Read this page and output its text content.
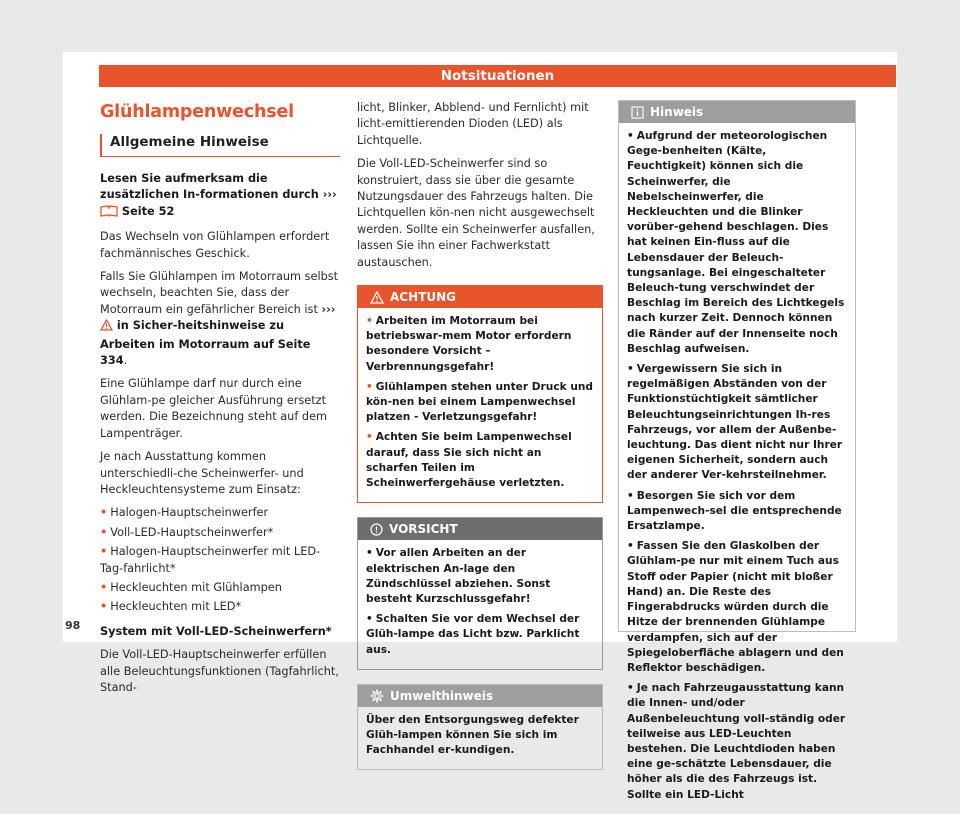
Notsituationen
Glühlampenwechsel
Allgemeine Hinweise

Lesen Sie aufmerksam die zusätzlichen In-formationen durch ›››  Seite 52

Das Wechseln von Glühlampen erfordert fachmännisches Geschick.

Falls Sie Glühlampen im Motorraum selbst wechseln, beachten Sie, dass der Motorraum ein gefährlicher Bereich ist ›››  in Sicher-heitshinweise zu Arbeiten im Motorraum auf Seite 334.

Eine Glühlampe darf nur durch eine Glühlam-pe gleicher Ausführung ersetzt werden. Die Bezeichnung steht auf dem Lampenträger.

Je nach Ausstattung kommen unterschiedli-che Scheinwerfer- und Heckleuchtensysteme zum Einsatz:

• Halogen-Hauptscheinwerfer
• Voll-LED-Hauptscheinwerfer*
• Halogen-Hauptscheinwerfer mit LED-Tag-fahrlicht*
• Heckleuchten mit Glühlampen
• Heckleuchten mit LED*

System mit Voll-LED-Scheinwerfern*

Die Voll-LED-Hauptscheinwerfer erfüllen alle Beleuchtungsfunktionen (Tagfahrlicht, Stand-

licht, Blinker, Abblend- und Fernlicht) mit licht-emittierenden Dioden (LED) als Lichtquelle.

Die Voll-LED-Scheinwerfer sind so konstruiert, dass sie über die gesamte Nutzungsdauer des Fahrzeugs halten. Die Lichtquellen kön-nen nicht ausgewechselt werden. Sollte ein Scheinwerfer ausfallen, lassen Sie ihn einer Fachwerkstatt austauschen.

ACHTUNG

• Arbeiten im Motorraum bei betriebswar-mem Motor erfordern besondere Vorsicht – Verbrennungsgefahr!

• Glühlampen stehen unter Druck und kön-nen bei einem Lampenwechsel platzen - Verletzungsgefahr!

• Achten Sie beim Lampenwechsel darauf, dass Sie sich nicht an scharfen Teilen im Scheinwerfergehäuse verletzten.

VORSICHT

• Vor allen Arbeiten an der elektrischen An-lage den Zündschlüssel abziehen. Sonst besteht Kurzschlussgefahr!

• Schalten Sie vor dem Wechsel der Glüh-lampe das Licht bzw. Parklicht aus.

Umwelthinweis

Über den Entsorgungsweg defekter Glüh-lampen können Sie sich im Fachhandel er-kundigen.

Hinweis

• Aufgrund der meteorologischen Gege-benheiten (Kälte, Feuchtigkeit) können sich die Scheinwerfer, die Nebelscheinwerfer, die Heckleuchten und die Blinker vorüber-gehend beschlagen. Dies hat keinen Ein-fluss auf die Lebensdauer der Beleuch-tungsanlage. Bei eingeschalteter Beleuch-tung verschwindet der Beschlag im Bereich des Lichtkegels nach kurzer Zeit. Dennoch können die Ränder auf der Innenseite noch Beschlag aufweisen.

• Vergewissern Sie sich in regelmäßigen Abständen von der Funktionstüchtigkeit sämtlicher Beleuchtungseinrichtungen Ih-res Fahrzeugs, vor allem der Außenbe-leuchtung. Das dient nicht nur Ihrer eigenen Sicherheit, sondern auch der anderer Ver-kehrsteilnehmer.

• Besorgen Sie sich vor dem Lampenwech-sel die entsprechende Ersatzlampe.

• Fassen Sie den Glaskolben der Glühlam-pe nur mit einem Tuch aus Stoff oder Papier (nicht mit bloßer Hand) an. Die Reste des Fingerabdrucks würden durch die Hitze der brennenden Glühlampe verdampfen, sich auf der Spiegeloberfläche ablagern und den Reflektor beschädigen.

• Je nach Fahrzeugausstattung kann die Innen- und/oder Außenbeleuchtung voll-ständig oder teilweise aus LED-Leuchten bestehen. Die Leuchtdioden haben eine ge-schätzte Lebensdauer, die höher als die des Fahrzeugs ist. Sollte ein LED-Licht

98
